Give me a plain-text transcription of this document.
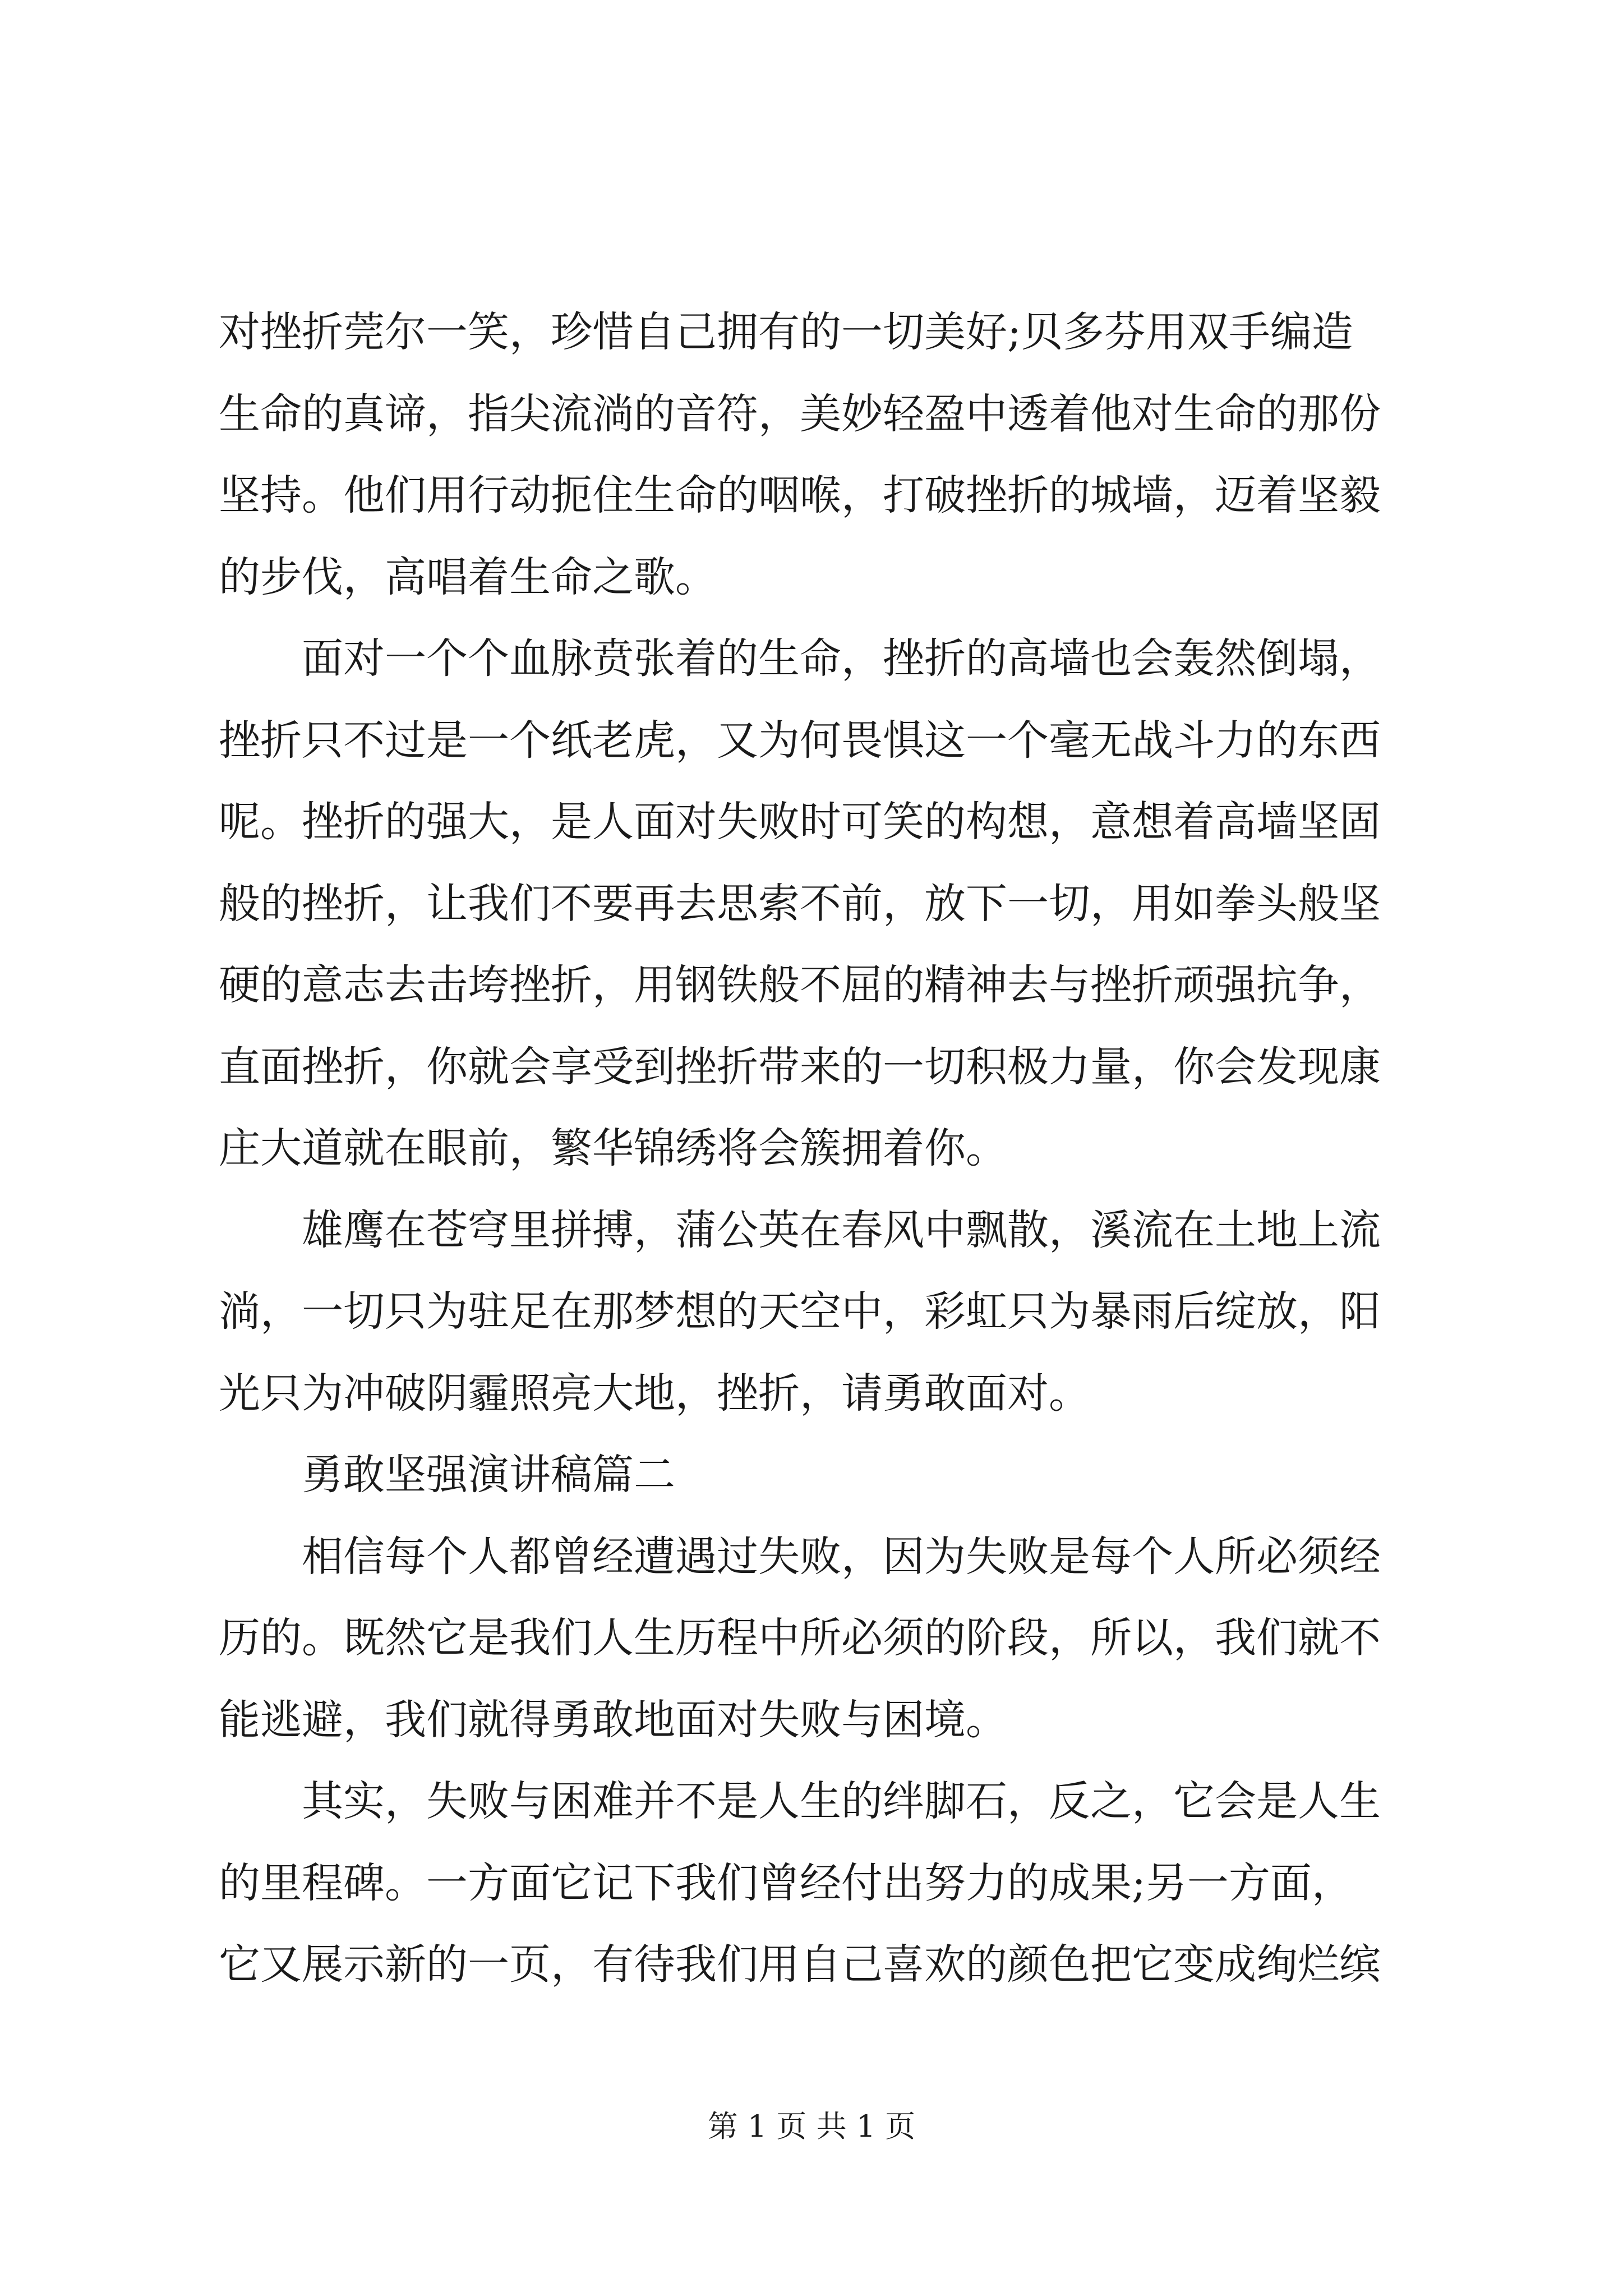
对挫折莞尔一笑，珍惜自己拥有的一切美好;贝多芬用双手编造
生命的真谛，指尖流淌的音符，美妙轻盈中透着他对生命的那份
坚持。他们用行动扼住生命的咽喉，打破挫折的城墙，迈着坚毅
的步伐，高唱着生命之歌。
面对一个个血脉贲张着的生命，挫折的高墙也会轰然倒塌，
挫折只不过是一个纸老虎，又为何畏惧这一个毫无战斗力的东西
呢。挫折的强大，是人面对失败时可笑的构想，意想着高墙坚固
般的挫折，让我们不要再去思索不前，放下一切，用如拳头般坚
硬的意志去击垮挫折，用钢铁般不屈的精神去与挫折顽强抗争，
直面挫折，你就会享受到挫折带来的一切积极力量，你会发现康
庄大道就在眼前，繁华锦绣将会簇拥着你。
雄鹰在苍穹里拼搏，蒲公英在春风中飘散，溪流在土地上流
淌，一切只为驻足在那梦想的天空中，彩虹只为暴雨后绽放，阳
光只为冲破阴霾照亮大地，挫折，请勇敢面对。
勇敢坚强演讲稿篇二
相信每个人都曾经遭遇过失败，因为失败是每个人所必须经
历的。既然它是我们人生历程中所必须的阶段，所以，我们就不
能逃避，我们就得勇敢地面对失败与困境。
其实，失败与困难并不是人生的绊脚石，反之，它会是人生
的里程碑。一方面它记下我们曾经付出努力的成果;另一方面，
它又展示新的一页，有待我们用自己喜欢的颜色把它变成绚烂缤
第 1 页 共 1 页
